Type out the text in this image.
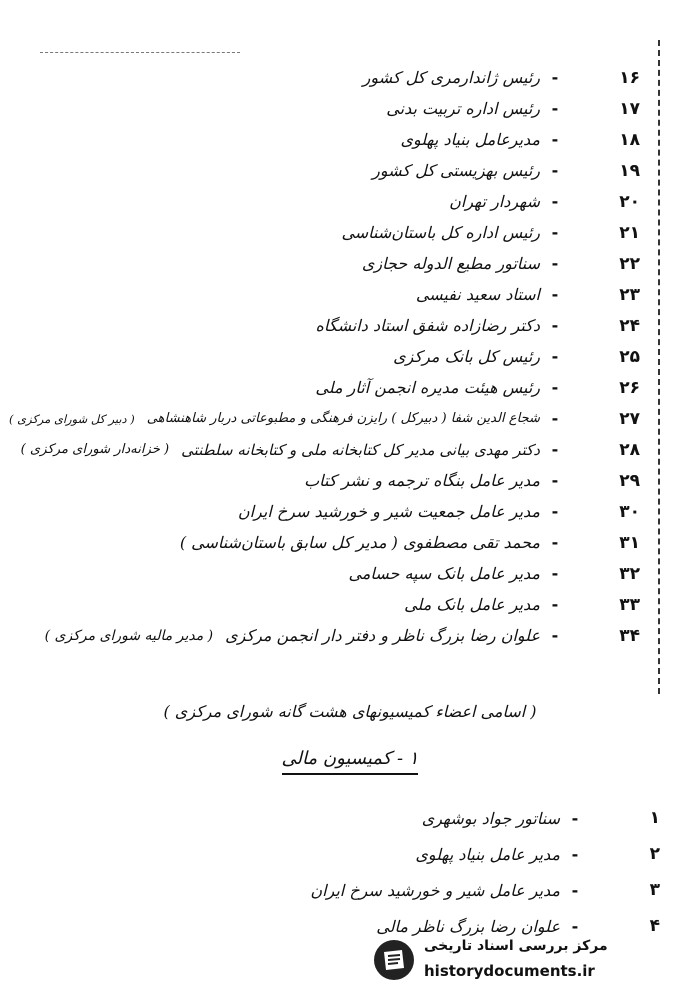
۱۶
-
رئیس ژاندارمری کل کشور
۱۷
-
رئیس اداره تربیت بدنی
۱۸
-
مدیرعامل بنیاد پهلوی
۱۹
-
رئیس بهزیستی کل کشور
۲۰
-
شهردار تهران
۲۱
-
رئیس اداره کل باستان‌شناسی
۲۲
-
سناتور مطیع الدوله حجازی
۲۳
-
استاد سعید نفیسی
۲۴
-
دکتر رضازاده شفق استاد دانشگاه
۲۵
-
رئیس کل بانک مرکزی
۲۶
-
رئیس هیئت مدیره انجمن آثار ملی
۲۷
-
شجاع الدین شفا ( دبیرکل ) رایزن فرهنگی و مطبوعاتی دربار شاهنشاهی
( دبیر کل شورای مرکزی )
۲۸
-
دکتر مهدی بیانی مدیر کل کتابخانه ملی و کتابخانه سلطنتی
( خزانه‌دار شورای مرکزی )
۲۹
-
مدیر عامل بنگاه ترجمه و نشر کتاب
۳۰
-
مدیر عامل جمعیت شیر و خورشید سرخ ایران
۳۱
-
محمد تقی مصطفوی ( مدیر کل سابق باستان‌شناسی )
۳۲
-
مدیر عامل بانک سپه حسامی
۳۳
-
مدیر عامل بانک ملی
۳۴
-
علوان رضا بزرگ ناظر و دفتر دار انجمن مرکزی
( مدیر مالیه شورای مرکزی )
( اسامی اعضاء کمیسیونهای هشت گانه شورای مرکزی )
۱ - کمیسیون مالی
۱
-
سناتور جواد بوشهری
۲
-
مدیر عامل بنیاد پهلوی
۳
-
مدیر عامل شیر و خورشید سرخ ایران
۴
-
علوان رضا بزرگ ناظر مالی
مرکز بررسی اسناد تاریخی
historydocuments.ir
